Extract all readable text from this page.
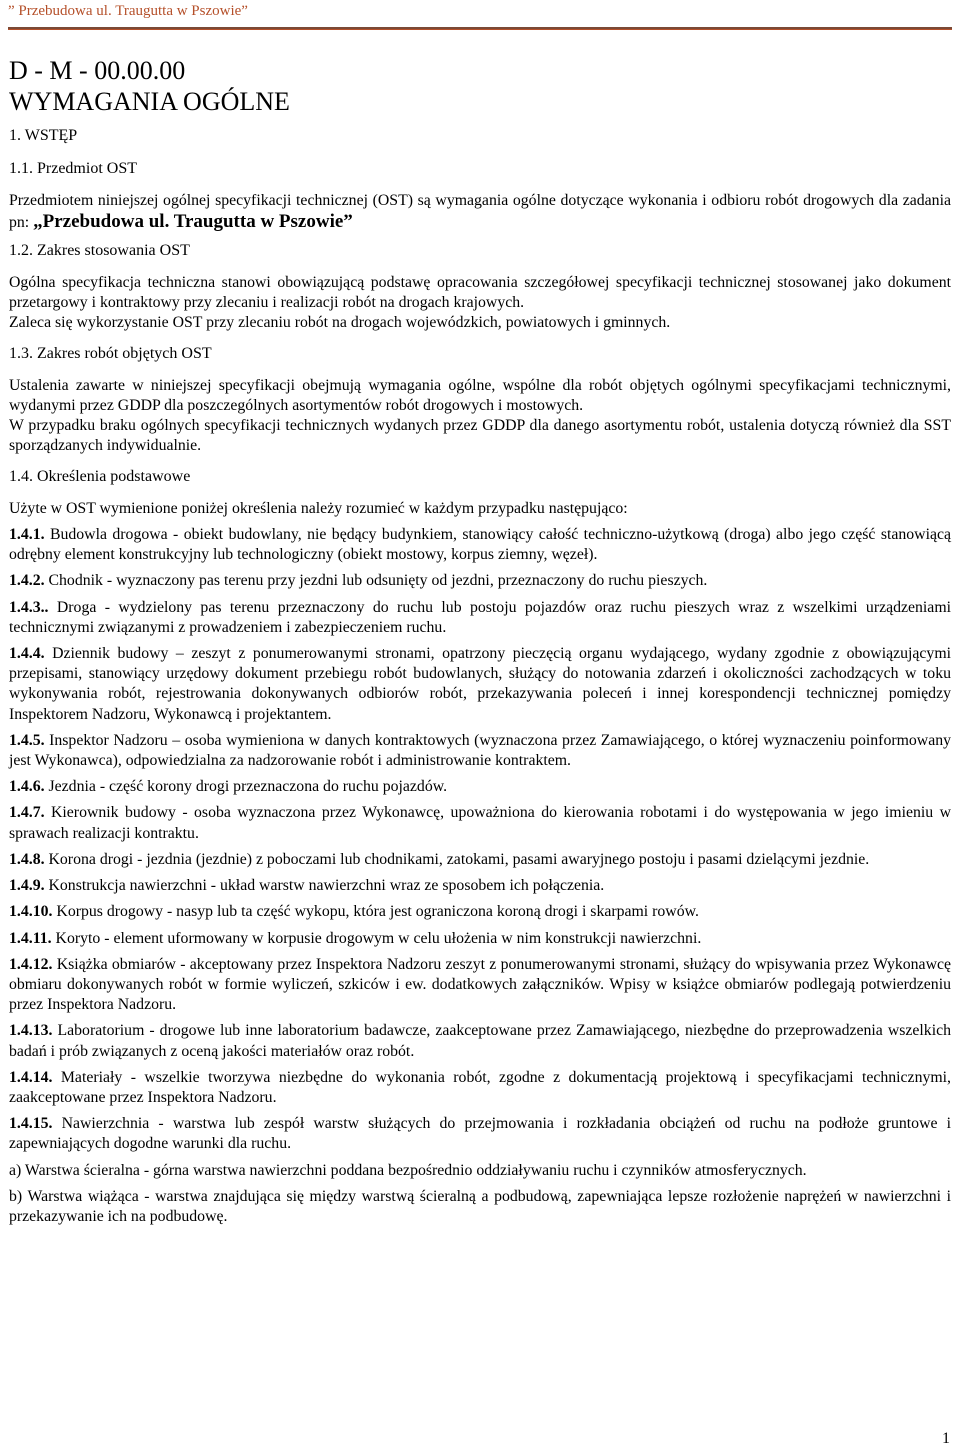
” Przebudowa ul. Traugutta w Pszowie”
D - M - 00.00.00
WYMAGANIA OGÓLNE
1. WSTĘP
1.1. Przedmiot OST

Przedmiotem niniejszej ogólnej specyfikacji technicznej (OST) są wymagania ogólne dotyczące wykonania i odbioru robót drogowych dla zadania pn: „Przebudowa ul. Traugutta w Pszowie”

1.2. Zakres stosowania OST

Ogólna specyfikacja techniczna stanowi obowiązującą podstawę opracowania szczegółowej specyfikacji technicznej stosowanej jako dokument przetargowy i kontraktowy przy zlecaniu i realizacji robót na drogach krajowych.

Zaleca się wykorzystanie OST przy zlecaniu robót na drogach wojewódzkich, powiatowych i gminnych.

1.3. Zakres robót objętych OST

Ustalenia zawarte w niniejszej specyfikacji obejmują wymagania ogólne, wspólne dla robót objętych ogólnymi specyfikacjami technicznymi, wydanymi przez GDDP dla poszczególnych asortymentów robót drogowych i mostowych.

W przypadku braku ogólnych specyfikacji technicznych wydanych przez GDDP dla danego asortymentu robót, ustalenia dotyczą również dla SST sporządzanych indywidualnie.

1.4. Określenia podstawowe

Użyte w OST wymienione poniżej określenia należy rozumieć w każdym przypadku następująco:

1.4.1. Budowla drogowa - obiekt budowlany, nie będący budynkiem, stanowiący całość techniczno-użytkową (droga) albo jego część stanowiącą odrębny element konstrukcyjny lub technologiczny (obiekt mostowy, korpus ziemny, węzeł).

1.4.2. Chodnik - wyznaczony pas terenu przy jezdni lub odsunięty od jezdni, przeznaczony do ruchu pieszych.

1.4.3.. Droga - wydzielony pas terenu przeznaczony do ruchu lub postoju pojazdów oraz ruchu pieszych wraz z wszelkimi urządzeniami technicznymi związanymi z prowadzeniem i zabezpieczeniem ruchu.

1.4.4. Dziennik budowy – zeszyt z ponumerowanymi stronami, opatrzony pieczęcią organu wydającego, wydany zgodnie z obowiązującymi przepisami, stanowiący urzędowy dokument przebiegu robót budowlanych, służący do notowania zdarzeń i okoliczności zachodzących w toku wykonywania robót, rejestrowania dokonywanych odbiorów robót, przekazywania poleceń i innej korespondencji technicznej pomiędzy Inspektorem Nadzoru, Wykonawcą i projektantem.

1.4.5. Inspektor Nadzoru – osoba wymieniona w danych kontraktowych (wyznaczona przez Zamawiającego, o której wyznaczeniu poinformowany jest Wykonawca), odpowiedzialna za nadzorowanie robót i administrowanie kontraktem.

1.4.6. Jezdnia - część korony drogi przeznaczona do ruchu pojazdów.

1.4.7. Kierownik budowy - osoba wyznaczona przez Wykonawcę, upoważniona do kierowania robotami i do występowania w jego imieniu w sprawach realizacji kontraktu.

1.4.8. Korona drogi - jezdnia (jezdnie) z poboczami lub chodnikami, zatokami, pasami awaryjnego postoju i pasami dzielącymi jezdnie.

1.4.9. Konstrukcja nawierzchni - układ warstw nawierzchni wraz ze sposobem ich połączenia.

1.4.10. Korpus drogowy - nasyp lub ta część wykopu, która jest ograniczona koroną drogi i skarpami rowów.

1.4.11. Koryto - element uformowany w korpusie drogowym w celu ułożenia w nim konstrukcji nawierzchni.

1.4.12. Książka obmiarów - akceptowany przez Inspektora Nadzoru zeszyt z ponumerowanymi stronami, służący do wpisywania przez Wykonawcę obmiaru dokonywanych robót w formie wyliczeń, szkiców i ew. dodatkowych załączników. Wpisy w książce obmiarów podlegają potwierdzeniu przez Inspektora Nadzoru.

1.4.13. Laboratorium - drogowe lub inne laboratorium badawcze, zaakceptowane przez Zamawiającego, niezbędne do przeprowadzenia wszelkich badań i prób związanych z oceną jakości materiałów oraz robót.

1.4.14. Materiały - wszelkie tworzywa niezbędne do wykonania robót, zgodne z dokumentacją projektową i specyfikacjami technicznymi, zaakceptowane przez Inspektora Nadzoru.

1.4.15. Nawierzchnia - warstwa lub zespół warstw służących do przejmowania i rozkładania obciążeń od ruchu na podłoże gruntowe i zapewniających dogodne warunki dla ruchu.

a) Warstwa ścieralna - górna warstwa nawierzchni poddana bezpośrednio oddziaływaniu ruchu i czynników atmosferycznych.

b) Warstwa wiążąca - warstwa znajdująca się między warstwą ścieralną a podbudową, zapewniająca lepsze rozłożenie naprężeń w nawierzchni i przekazywanie ich na podbudowę.

1
